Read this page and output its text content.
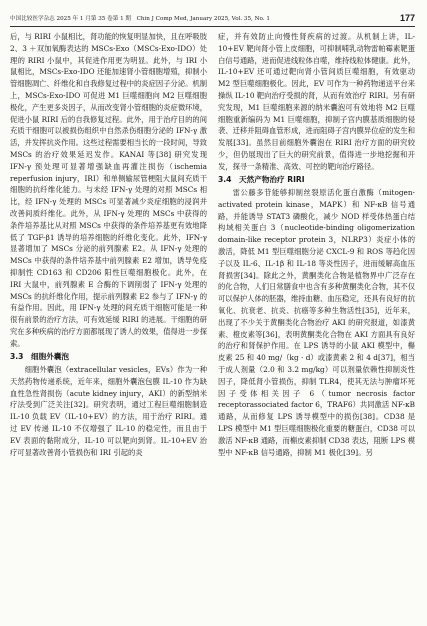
中国比较医学杂志 2025 年 1 月第 35 卷第 1 期　Chin J Comp Med, January 2025, Vol. 35, No. 1	177

后，与 RIRI 小鼠相比，肾功能的恢复明显加快，且在呼吸肢 2、3 ＋双加氧酶表达的 MSCs-Exo（MSCs-Exo-IDO）处理的 RIRI 小鼠中，其促进作用更为明显。此外，与 IRI 小鼠相比，MSCs-Exo-IDO 还能加速肾小管细胞增殖，抑制小管细胞凋亡、纤维化和自我修复过程中的炎症因子分泌。机制上，MSCs-Exo-IDO 可促进 M1 巨噬细胞向 M2 巨噬细胞极化，产生更多炎因子，从而改变肾小管细胞的炎症微环境，促进小鼠 RIRI 后的自我修复过程。此外，用于治疗目的的间充质干细胞可以被损伤组织中自然杀伤细胞分泌的 IFN-γ 激活，并发挥抗炎作用。这些过程需要相当长的一段时间，导致 MSCs 的治疗效果延迟发作。KANAI 等[38] 研究发现 IFN-γ 预处理可显著增强缺血再灌注损伤（ischemia reperfusion injury，IRI）和单侧输尿管梗阻大鼠间充质干细胞的抗纤维化能力。与未经 IFN-γ 处理的对照 MSCs 相比，经 IFN-γ 处理的 MSCs 可显著减少炎症细胞的浸润并改善间质纤维化。此外，从 IFN-γ 处理的 MSCs 中获得的条件培养基比从对照 MSCs 中获得的条件培养基更有效地降低了 TGF-β1 诱导的培养细胞的纤维化变化。此外，IFN-γ 显著增加了 MSCs 分泌的前列腺素 E2。从 IFN-γ 处理的 MSCs 中获得的条件培养基中前列腺素 E2 增加，诱导免疫抑制性 CD163 和 CD206 阳性巨噬细胞极化。此外，在 IRI 大鼠中，前列腺素 E 合酶的下调削弱了 IFN-γ 处理的 MSCs 的抗纤维化作用，提示前列腺素 E2 参与了 IFN-γ 的有益作用。因此，用 IFN-γ 处理的间充质干细胞可能是一种很有前景的治疗方法，可有效延缓 RIRI 的进展。干细胞的研究在多种疾病的治疗方面都展现了诱人的效果，值得进一步探索。

3.3　细胞外囊泡

细胞外囊泡（extracellular vesicles，EVs）作为一种天然药物传递系统，近年来，细胞外囊泡包膜 IL-10 作为缺血性急性肾损伤（acute kidney injury，AKI）的新型纳米疗法受到广泛关注[32]。研究表明，通过工程巨噬细胞制造 IL-10 负载 EV（IL-10+EV）的方法，用于治疗 RIRI。通过 EV 传递 IL-10 不仅增强了 IL-10 的稳定性，而且由于 EV 表面的黏附成分，IL-10 可以靶向到肾。IL-10+EV 治疗可显著改善肾小管损伤和 IRI 引起的炎

症，并有效防止向慢性肾疾病的过渡。从机制上讲，IL-10+EV 靶向肾小管上皮细胞，可抑制哺乳动物雷帕霉素靶蛋白信号通路，进而促进线粒体自噬，维持线粒体健康。此外，IL-10+EV 还可通过靶向肾小管间质巨噬细胞，有效驱动 M2 型巨噬细胞极化。因此，EV 可作为一种药物递送平台来操纵 IL-10 靶向治疗受损的肾，从而有效治疗 RIRI。另有研究发现，M1 巨噬细胞来源的纳米囊泡可有效地将 M2 巨噬细胞重新编码为 M1 巨噬细胞，抑制子宫内膜基质细胞的侵袭、迁移并阻碍血管形成，进而阻碍子宫内膜异位症的发生和发展[33]。虽然目前细胞外囊泡在 RIRI 治疗方面的研究较少，但仍展现出了巨大的研究前景，值得进一步地挖掘和开发，探寻一条精准、高效、可控的靶向治疗路径。

3.4　天然产物治疗 RIRI

雷公藤多苷能够抑制丝裂原活化蛋白激酶（mitogen-activated protein kinase，MAPK）和 NF-κB 信号通路，并能诱导 STAT3 磷酸化，减少 NOD 样受体热蛋白结构域相关蛋白 3（nucleotide-binding oligomerization domain-like receptor protein 3，NLRP3）炎症小体的激活，降低 M1 型巨噬细胞分泌 CXCL-9 和 ROS 等趋化因子以及 IL-6、IL-1β 和 IL-18 等炎性因子，进而缓解高血压肾损害[34]。除此之外，黄酮类化合物是植物界中广泛存在的化合物，人们日常膳食中也含有多种黄酮类化合物，其不仅可以保护人体的胚器，维持血糖、血压稳定，还具有良好的抗氧化、抗衰老、抗炎、抗癌等多种生物活性[35]，近年来，出现了不少关于黄酮类化合物治疗 AKI 的研究报道，如漆黄素、橙皮素等[36]，表明黄酮类化合物在 AKI 方面具有良好的治疗和肾保护作用。在 LPS 诱导的小鼠 AKI 模型中，槲皮素 25 和 40 mg/（kg · d）或漆黄素 2 和 4 d[37]，相当于成人剂量（2.0 和 3.2 mg/kg）可以剂量依赖性抑制炎性因子，降低肾小管损伤，抑制 TLR4，使其无法与肿瘤坏死因子受体相关因子 6（tumor necrosis factor receptorassociated factor 6，TRAF6）共同激活 NF-κB 通路，从而修复 LPS 诱导模型中的损伤[38]。CD38 是 LPS 模型中 M1 型巨噬细胞极化重要的糖蛋白，CD38 可以激活 NF-κB 通路，而槲皮素抑制 CD38 表达，阻断 LPS 模型中 NF-κB 信号通路，抑制 M1 极化[39]。另
